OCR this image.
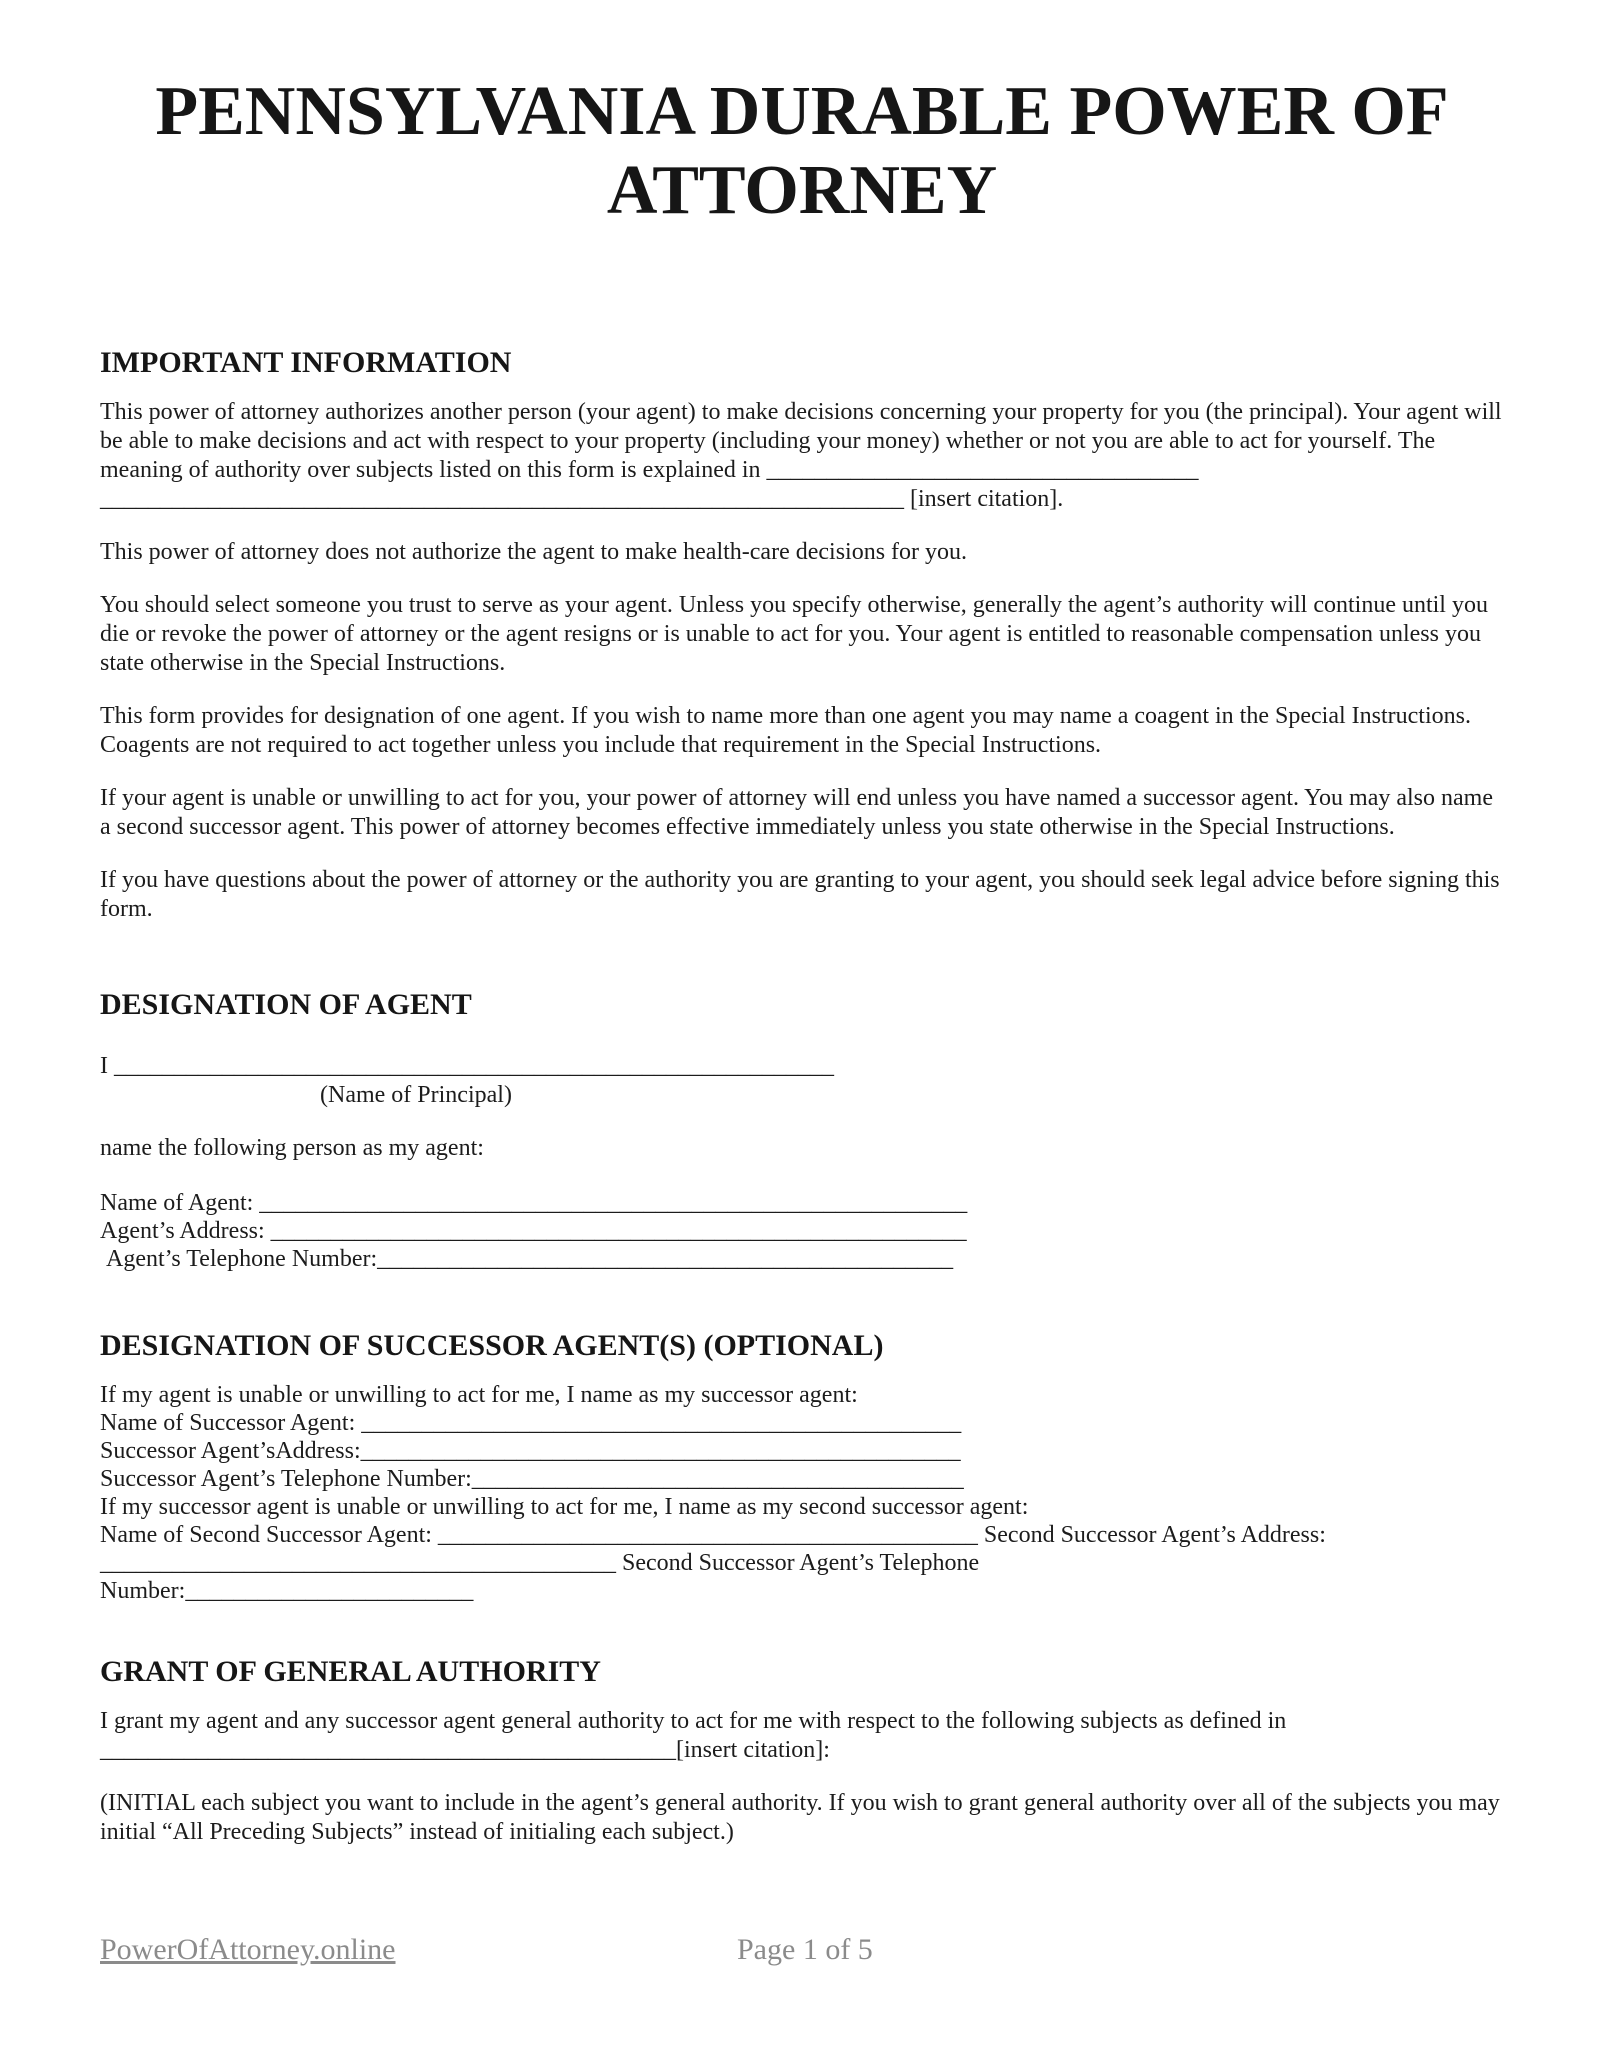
PENNSYLVANIA DURABLE POWER OF ATTORNEY
IMPORTANT INFORMATION

This power of attorney authorizes another person (your agent) to make decisions concerning your property for you (the principal). Your agent will be able to make decisions and act with respect to your property (including your money) whether or not you are able to act for yourself. The meaning of authority over subjects listed on this form is explained in ____________________________________ ___________________________________________________________________ [insert citation].

This power of attorney does not authorize the agent to make health-care decisions for you.

You should select someone you trust to serve as your agent. Unless you specify otherwise, generally the agent’s authority will continue until you die or revoke the power of attorney or the agent resigns or is unable to act for you. Your agent is entitled to reasonable compensation unless you state otherwise in the Special Instructions.

This form provides for designation of one agent. If you wish to name more than one agent you may name a coagent in the Special Instructions. Coagents are not required to act together unless you include that requirement in the Special Instructions.

If your agent is unable or unwilling to act for you, your power of attorney will end unless you have named a successor agent. You may also name a second successor agent. This power of attorney becomes effective immediately unless you state otherwise in the Special Instructions.

If you have questions about the power of attorney or the authority you are granting to your agent, you should seek legal advice before signing this form.

DESIGNATION OF AGENT
I ____________________________________________________________
(Name of Principal)
name the following person as my agent:
Name of Agent: ___________________________________________________________
Agent’s Address: __________________________________________________________
Agent’s Telephone Number:________________________________________________
DESIGNATION OF SUCCESSOR AGENT(S) (OPTIONAL)
If my agent is unable or unwilling to act for me, I name as my successor agent:
Name of Successor Agent: __________________________________________________
Successor Agent’sAddress:__________________________________________________
Successor Agent’s Telephone Number:_________________________________________
If my successor agent is unable or unwilling to act for me, I name as my second successor agent:
Name of Second Successor Agent: _____________________________________________ Second Successor Agent’s Address:
___________________________________________ Second Successor Agent’s Telephone
Number:________________________
GRANT OF GENERAL AUTHORITY

I grant my agent and any successor agent general authority to act for me with respect to the following subjects as defined in ________________________________________________[insert citation]:

(INITIAL each subject you want to include in the agent’s general authority. If you wish to grant general authority over all of the subjects you may initial “All Preceding Subjects” instead of initialing each subject.)

PowerOfAttorney.online	Page 1 of 5
